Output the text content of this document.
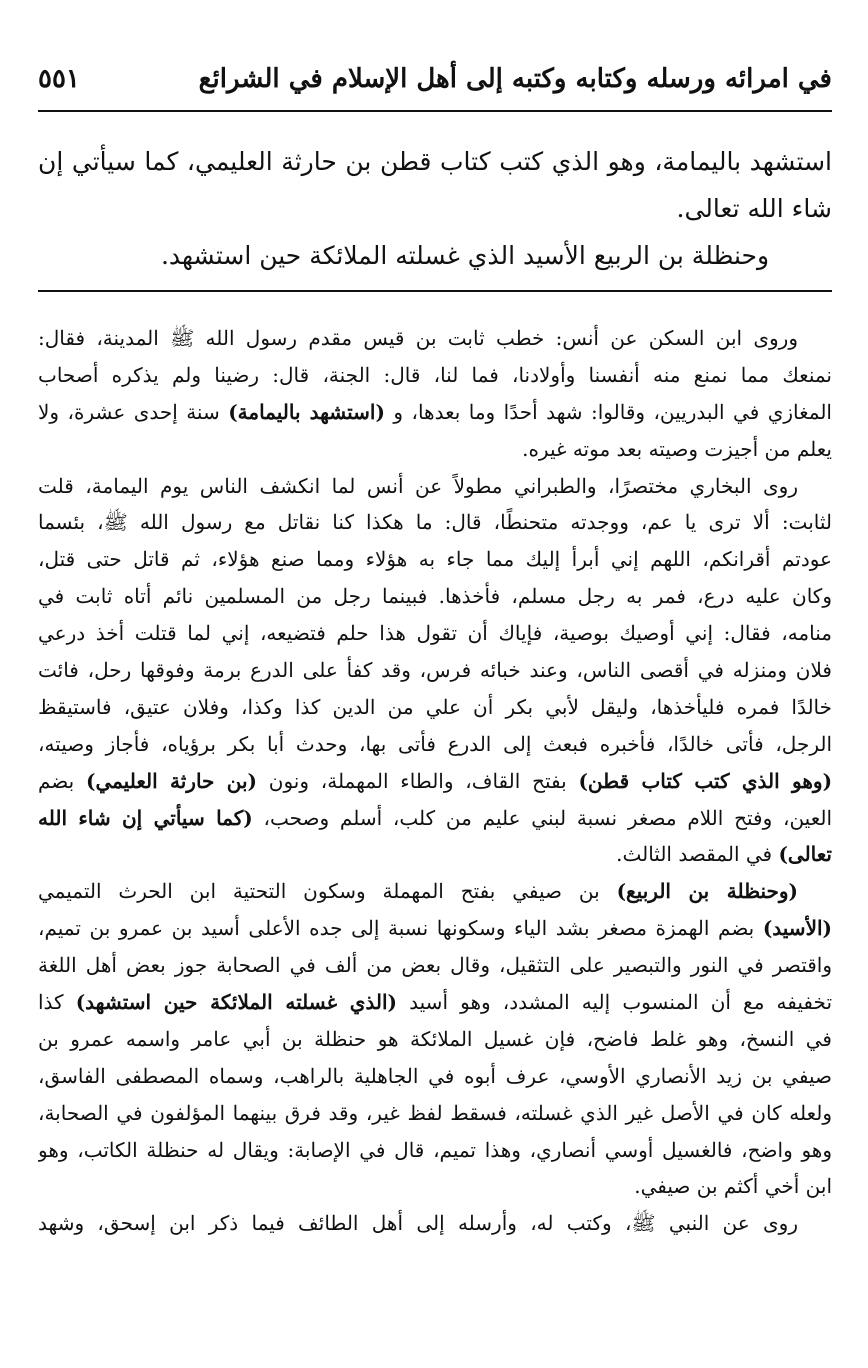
في امرائه ورسله وكتابه وكتبه إلى أهل الإسلام في الشرائع
٥٥١
استشهد باليمامة، وهو الذي كتب كتاب قطن بن حارثة العليمي، كما سيأتي إن
شاء الله تعالى.
وحنظلة بن الربيع الأسيد الذي غسلته الملائكة حين استشهد.
وروى ابن السكن عن أنس: خطب ثابت بن قيس مقدم رسول الله ﷺ المدينة، فقال:
نمنعك مما نمنع منه أنفسنا وأولادنا، فما لنا، قال: الجنة، قال: رضينا ولم يذكره أصحاب
المغازي في البدريين، وقالوا: شهد أحدًا وما بعدها، و (استشهد باليمامة) سنة إحدى عشرة، ولا
يعلم من أجيزت وصيته بعد موته غيره.
روى البخاري مختصرًا، والطبراني مطولاً عن أنس لما انكشف الناس يوم اليمامة، قلت
لثابت: ألا ترى يا عم، ووجدته متحنطًا، قال: ما هكذا كنا نقاتل مع رسول الله ﷺ، بئسما
عودتم أقرانكم، اللهم إني أبرأ إليك مما جاء به هؤلاء ومما صنع هؤلاء، ثم قاتل حتى قتل،
وكان عليه درع، فمر به رجل مسلم، فأخذها. فبينما رجل من المسلمين نائم أتاه ثابت في
منامه، فقال: إني أوصيك بوصية، فإياك أن تقول هذا حلم فتضيعه، إني لما قتلت أخذ درعي
فلان ومنزله في أقصى الناس، وعند خبائه فرس، وقد كفأ على الدرع برمة وفوقها رحل، فائت
خالدًا فمره فليأخذها، وليقل لأبي بكر أن علي من الدين كذا وكذا، وفلان عتيق، فاستيقظ
الرجل، فأتى خالدًا، فأخبره فبعث إلى الدرع فأتى بها، وحدث أبا بكر برؤياه، فأجاز وصيته،
(وهو الذي كتب كتاب قطن) بفتح القاف، والطاء المهملة، ونون (بن حارثة العليمي) بضم
العين، وفتح اللام مصغر نسبة لبني عليم من كلب، أسلم وصحب، (كما سيأتي إن شاء الله
تعالى) في المقصد الثالث.
(وحنظلة بن الربيع) بن صيفي بفتح المهملة وسكون التحتية ابن الحرث التميمي
(الأسيد) بضم الهمزة مصغر بشد الياء وسكونها نسبة إلى جده الأعلى أسيد بن عمرو بن تميم،
واقتصر في النور والتبصير على التثقيل، وقال بعض من ألف في الصحابة جوز بعض أهل اللغة
تخفيفه مع أن المنسوب إليه المشدد، وهو أسيد (الذي غسلته الملائكة حين استشهد) كذا
في النسخ، وهو غلط فاضح، فإن غسيل الملائكة هو حنظلة بن أبي عامر واسمه عمرو بن
صيفي بن زيد الأنصاري الأوسي، عرف أبوه في الجاهلية بالراهب، وسماه المصطفى الفاسق،
ولعله كان في الأصل غير الذي غسلته، فسقط لفظ غير، وقد فرق بينهما المؤلفون في الصحابة،
وهو واضح، فالغسيل أوسي أنصاري، وهذا تميم، قال في الإصابة: ويقال له حنظلة الكاتب، وهو
ابن أخي أكثم بن صيفي.
روى عن النبي ﷺ، وكتب له، وأرسله إلى أهل الطائف فيما ذكر ابن إسحق، وشهد
